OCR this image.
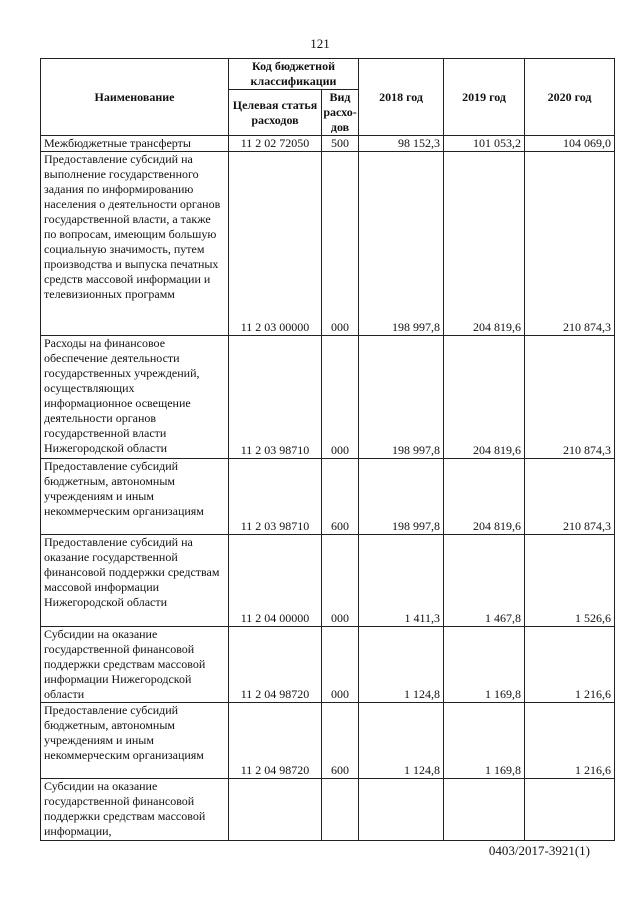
121
Наименование	Код бюджетной классификации		2018 год	2019 год	2020 год
	Целевая статья расходов	Вид расхо-дов			
Межбюджетные трансферты	11 2 02 72050	500	98 152,3	101 053,2	104 069,0
Предоставление субсидий на выполнение государственного задания по информированию населения о деятельности органов государственной власти, а также по вопросам, имеющим большую социальную значимость, путем производства и выпуска печатных средств массовой информации и телевизионных программ	11 2 03 00000	000	198 997,8	204 819,6	210 874,3
Расходы на финансовое обеспечение деятельности государственных учреждений, осуществляющих информационное освещение деятельности органов государственной власти Нижегородской области	11 2 03 98710	000	198 997,8	204 819,6	210 874,3
Предоставление субсидий бюджетным, автономным учреждениям и иным некоммерческим организациям	11 2 03 98710	600	198 997,8	204 819,6	210 874,3
Предоставление субсидий на оказание государственной финансовой поддержки средствам массовой информации Нижегородской области	11 2 04 00000	000	1 411,3	1 467,8	1 526,6
Субсидии на оказание государственной финансовой поддержки средствам массовой информации Нижегородской области	11 2 04 98720	000	1 124,8	1 169,8	1 216,6
Предоставление субсидий бюджетным, автономным учреждениям и иным некоммерческим организациям	11 2 04 98720	600	1 124,8	1 169,8	1 216,6
Субсидии на оказание государственной финансовой поддержки средствам массовой информации,					
0403/2017-3921(1)
